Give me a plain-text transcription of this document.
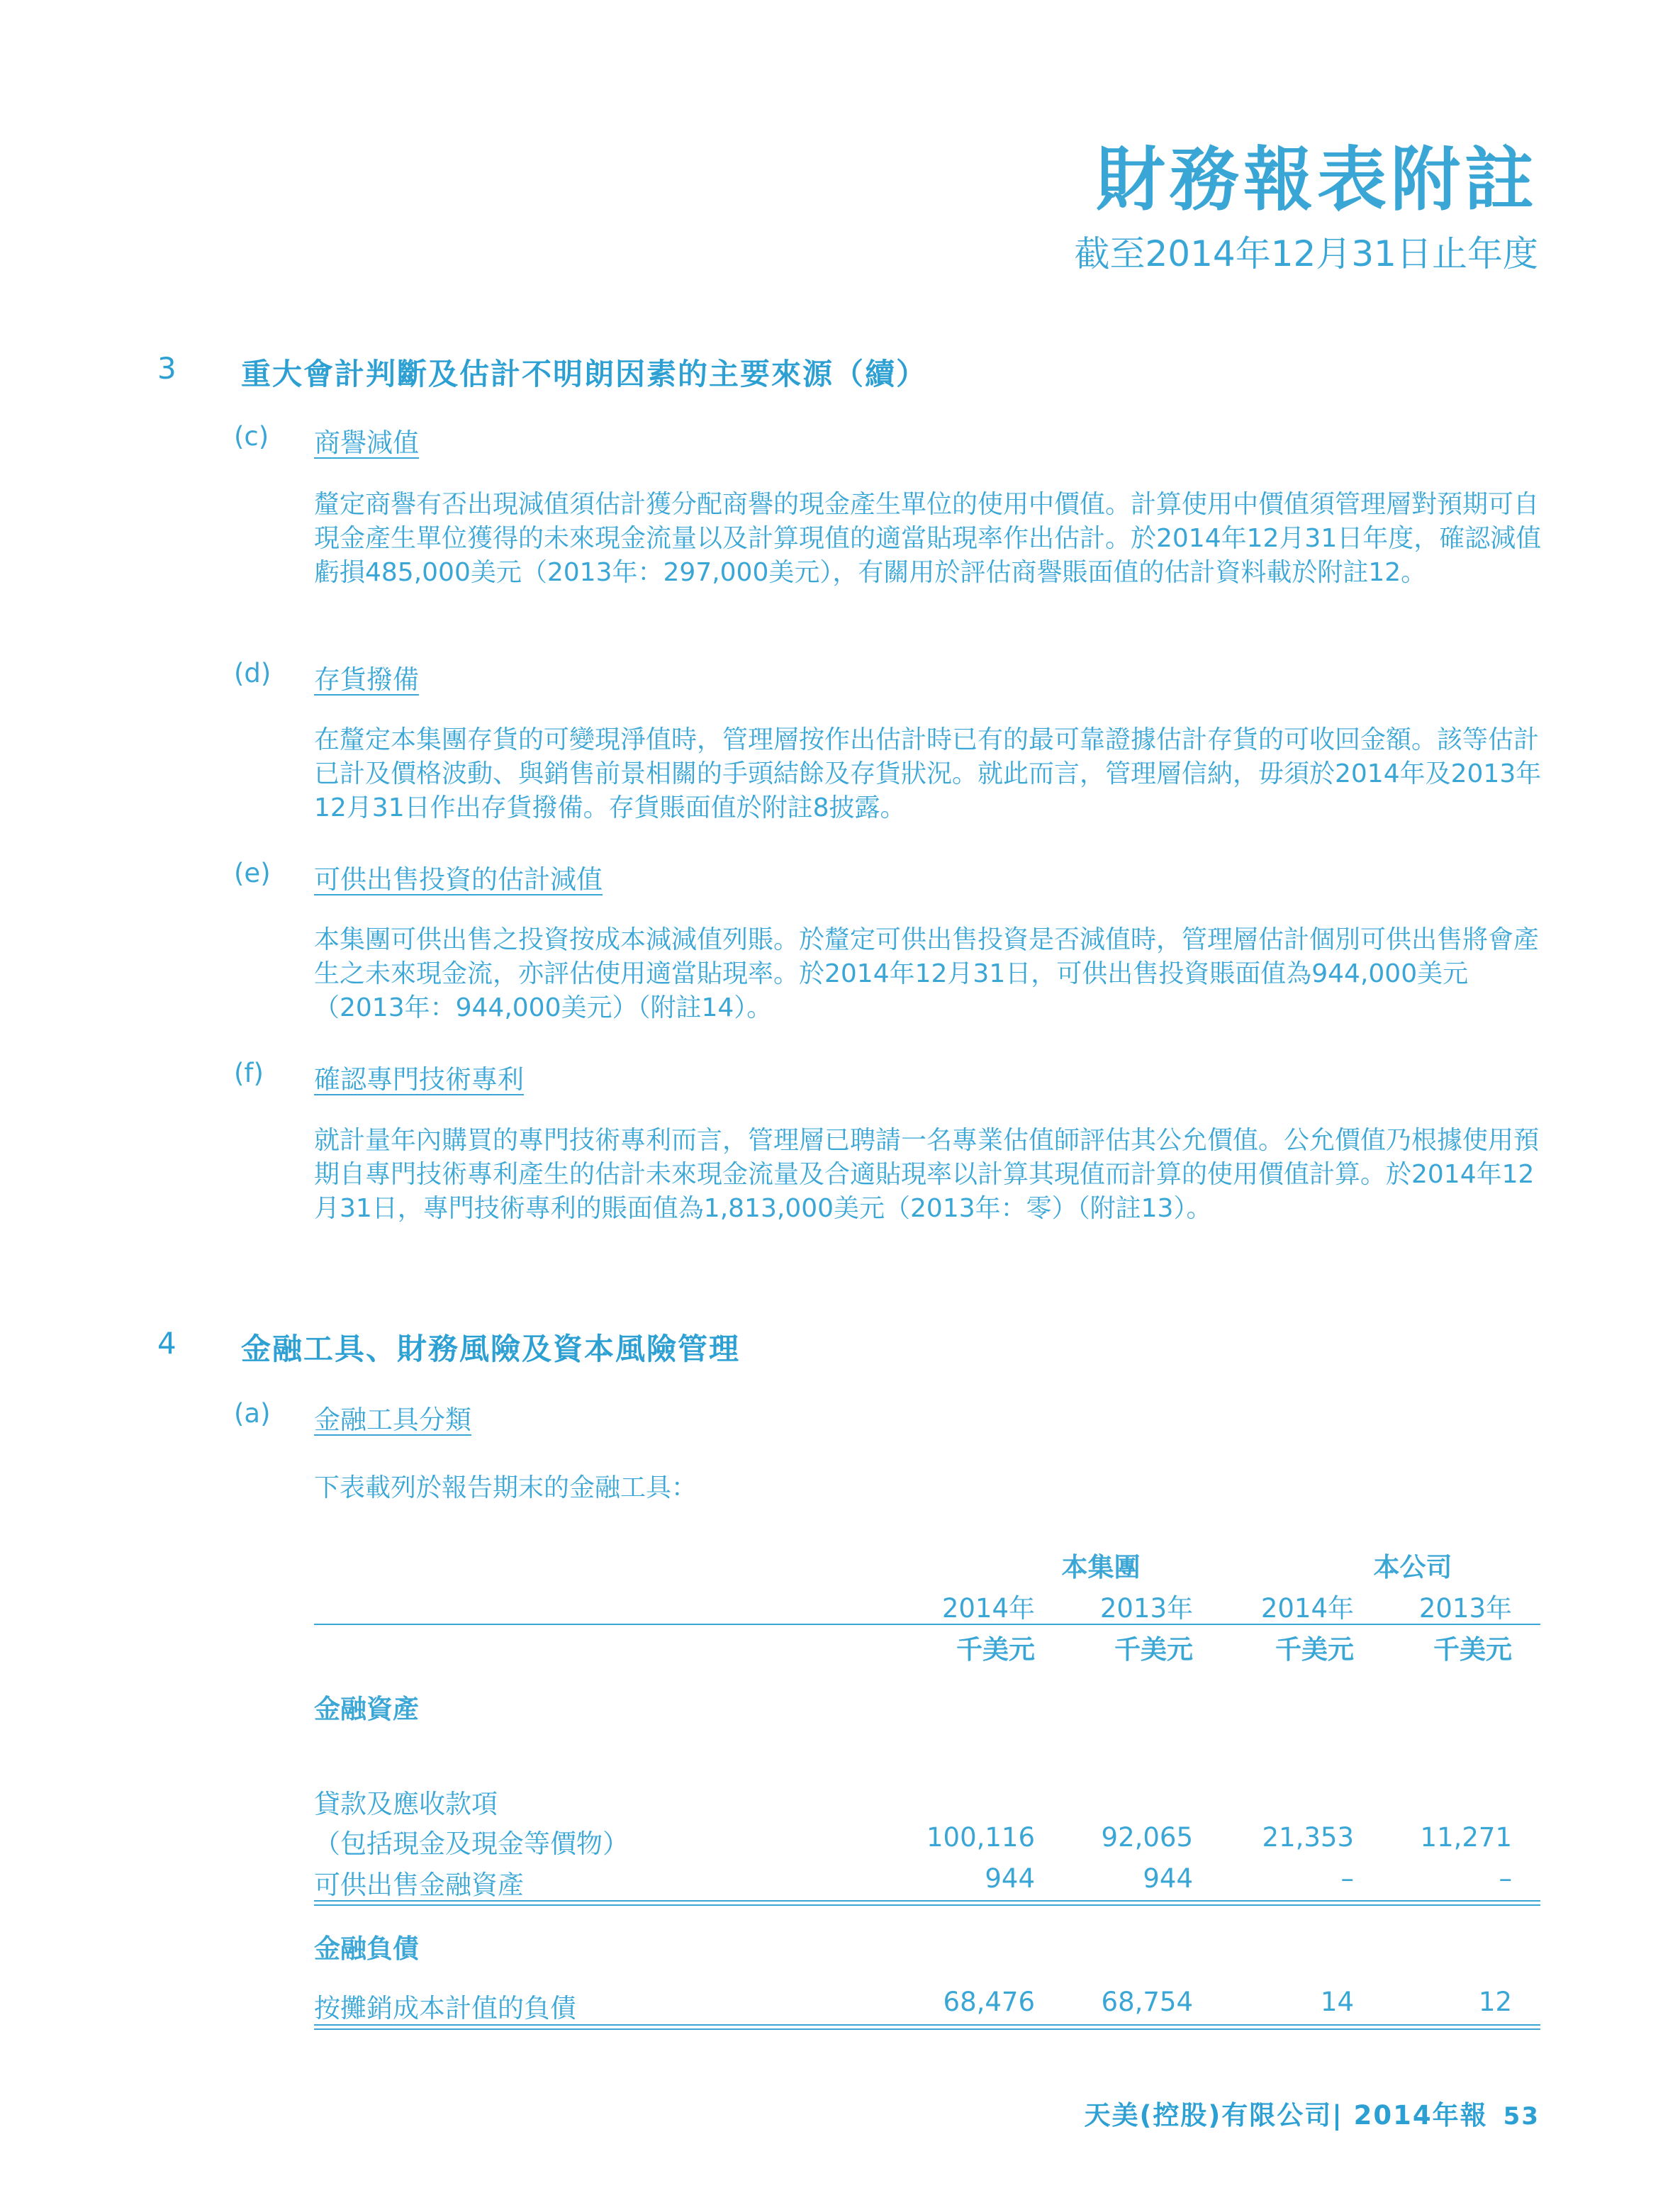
財務報表附註
截至2014年12月31日止年度
3 重大會計判斷及估計不明朗因素的主要來源（續）
(c) 商譽減值

釐定商譽有否出現減值須估計獲分配商譽的現金產生單位的使用中價值。計算使用中價值須管理層對預期可自現金產生單位獲得的未來現金流量以及計算現值的適當貼現率作出估計。於2014年12月31日年度，確認減值虧損485,000美元（2013年：297,000美元），有關用於評估商譽賬面值的估計資料載於附註12。

(d) 存貨撥備

在釐定本集團存貨的可變現淨值時，管理層按作出估計時已有的最可靠證據估計存貨的可收回金額。該等估計已計及價格波動、與銷售前景相關的手頭結餘及存貨狀況。就此而言，管理層信納，毋須於2014年及2013年12月31日作出存貨撥備。存貨賬面值於附註8披露。

(e) 可供出售投資的估計減值

本集團可供出售之投資按成本減減值列賬。於釐定可供出售投資是否減值時，管理層估計個別可供出售將會產生之未來現金流，亦評估使用適當貼現率。於2014年12月31日，可供出售投資賬面值為944,000美元（2013年：944,000美元）（附註14）。

(f) 確認專門技術專利

就計量年內購買的專門技術專利而言，管理層已聘請一名專業估值師評估其公允價值。公允價值乃根據使用預期自專門技術專利產生的估計未來現金流量及合適貼現率以計算其現值而計算的使用價值計算。於2014年12月31日，專門技術專利的賬面值為1,813,000美元（2013年：零）（附註13）。

4 金融工具、財務風險及資本風險管理
(a) 金融工具分類

下表載列於報告期末的金融工具：

本集團	本公司
2014年 2013年	2014年 2013年
千美元	千美元	千美元	千美元
金融資產
貸款及應收款項
（包括現金及現金等價物）	100,116	92,065	21,353	11,271
可供出售金融資產	944	944	–	–
金融負債
按攤銷成本計值的負債	68,476	68,754	14	12
天美(控股)有限公司| 2014年報 53
